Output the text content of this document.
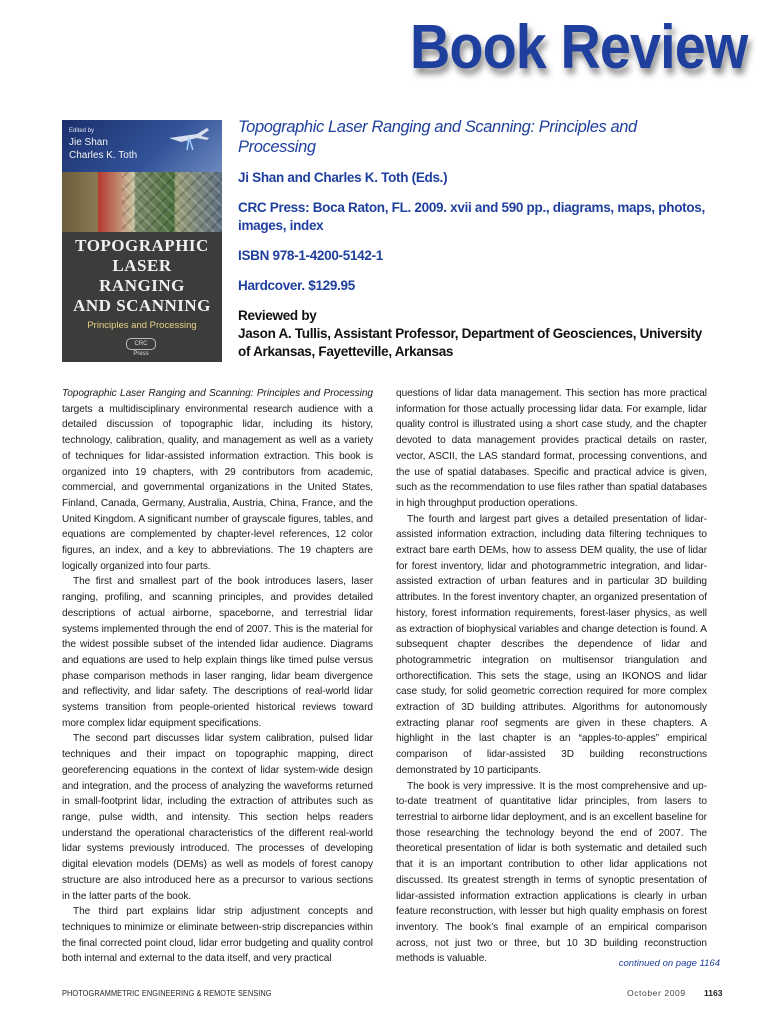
Book Review
Edited by
Jie Shan
Charles K. Toth
TOPOGRAPHIC
LASER
RANGING
AND SCANNING
Principles and Processing
CRC Press
Topographic Laser Ranging and Scanning: Principles and Processing
Ji Shan and Charles K. Toth (Eds.)
CRC Press: Boca Raton, FL. 2009. xvii and 590 pp., diagrams, maps, photos, images, index
ISBN 978-1-4200-5142-1
Hardcover. $129.95
Reviewed by
Jason A. Tullis, Assistant Professor, Department of Geosciences, University of Arkansas, Fayetteville, Arkansas

Topographic Laser Ranging and Scanning: Principles and Processing targets a multidisciplinary environmental research audience with a detailed discussion of topographic lidar, including its history, technology, calibration, quality, and management as well as a variety of techniques for lidar-assisted information extraction. This book is organized into 19 chapters, with 29 contributors from academic, commercial, and governmental organizations in the United States, Finland, Canada, Germany, Australia, Austria, China, France, and the United Kingdom. A significant number of grayscale figures, tables, and equations are complemented by chapter-level references, 12 color figures, an index, and a key to abbreviations. The 19 chapters are logically organized into four parts.

The first and smallest part of the book introduces lasers, laser ranging, profiling, and scanning principles, and provides detailed descriptions of actual airborne, spaceborne, and terrestrial lidar systems implemented through the end of 2007. This is the material for the widest possible subset of the intended lidar audience. Diagrams and equations are used to help explain things like timed pulse versus phase comparison methods in laser ranging, lidar beam divergence and reflectivity, and lidar safety. The descriptions of real-world lidar systems transition from people-oriented historical reviews toward more complex lidar equipment specifications.

The second part discusses lidar system calibration, pulsed lidar techniques and their impact on topographic mapping, direct georeferencing equations in the context of lidar system-wide design and integration, and the process of analyzing the waveforms returned in small-footprint lidar, including the extraction of attributes such as range, pulse width, and intensity. This section helps readers understand the operational characteristics of the different real-world lidar systems previously introduced. The processes of developing digital elevation models (DEMs) as well as models of forest canopy structure are also introduced here as a precursor to various sections in the latter parts of the book.

The third part explains lidar strip adjustment concepts and techniques to minimize or eliminate between-strip discrepancies within the final corrected point cloud, lidar error budgeting and quality control both internal and external to the data itself, and very practical

questions of lidar data management. This section has more practical information for those actually processing lidar data. For example, lidar quality control is illustrated using a short case study, and the chapter devoted to data management provides practical details on raster, vector, ASCII, the LAS standard format, processing conventions, and the use of spatial databases. Specific and practical advice is given, such as the recommendation to use files rather than spatial databases in high throughput production operations.

The fourth and largest part gives a detailed presentation of lidar-assisted information extraction, including data filtering techniques to extract bare earth DEMs, how to assess DEM quality, the use of lidar for forest inventory, lidar and photogrammetric integration, and lidar-assisted extraction of urban features and in particular 3D building attributes. In the forest inventory chapter, an organized presentation of history, forest information requirements, forest-laser physics, as well as extraction of biophysical variables and change detection is found. A subsequent chapter describes the dependence of lidar and photogrammetric integration on multisensor triangulation and orthorectification. This sets the stage, using an IKONOS and lidar case study, for solid geometric correction required for more complex extraction of 3D building attributes. Algorithms for autonomously extracting planar roof segments are given in these chapters. A highlight in the last chapter is an “apples-to-apples” empirical comparison of lidar-assisted 3D building reconstructions demonstrated by 10 participants.

The book is very impressive. It is the most comprehensive and up-to-date treatment of quantitative lidar principles, from lasers to terrestrial to airborne lidar deployment, and is an excellent baseline for those researching the technology beyond the end of 2007. The theoretical presentation of lidar is both systematic and detailed such that it is an important contribution to other lidar applications not discussed. Its greatest strength in terms of synoptic presentation of lidar-assisted information extraction applications is clearly in urban feature reconstruction, with lesser but high quality emphasis on forest inventory. The book’s final example of an empirical comparison across, not just two or three, but 10 3D building reconstruction methods is valuable.	continued on page 1164
PHOTOGRAMMETRIC ENGINEERING & REMOTE SENSING	October 2009 1163
